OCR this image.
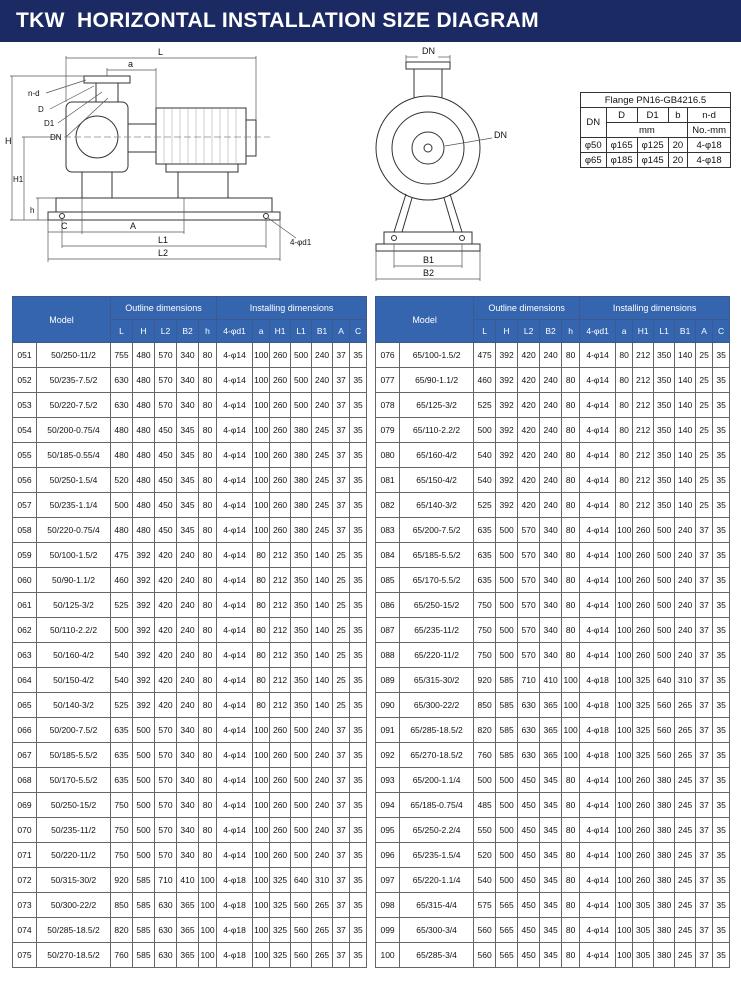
TKW  HORIZONTAL INSTALLATION SIZE DIAGRAM
L
a
n-d
D
D1
DN
H
H1
h
C	A
L1
L2
4-φd1
DN
DN
B1
B2
Flange PN16-GB4216.5				
DN	D	D1	b	n-d
	mm			No.-mm
φ50	φ165	φ125	20	4-φ18
φ65	φ185	φ145	20	4-φ18
Model		Outline dimensions					Installing dimensions						
		L	H	L2	B2	h	4-φd1	a	H1	L1	B1	A	C
051	50/250-11/2	755	480	570	340	80	4-φ14	100	260	500	240	37	35
052	50/235-7.5/2	630	480	570	340	80	4-φ14	100	260	500	240	37	35
053	50/220-7.5/2	630	480	570	340	80	4-φ14	100	260	500	240	37	35
054	50/200-0.75/4	480	480	450	345	80	4-φ14	100	260	380	245	37	35
055	50/185-0.55/4	480	480	450	345	80	4-φ14	100	260	380	245	37	35
056	50/250-1.5/4	520	480	450	345	80	4-φ14	100	260	380	245	37	35
057	50/235-1.1/4	500	480	450	345	80	4-φ14	100	260	380	245	37	35
058	50/220-0.75/4	480	480	450	345	80	4-φ14	100	260	380	245	37	35
059	50/100-1.5/2	475	392	420	240	80	4-φ14	80	212	350	140	25	35
060	50/90-1.1/2	460	392	420	240	80	4-φ14	80	212	350	140	25	35
061	50/125-3/2	525	392	420	240	80	4-φ14	80	212	350	140	25	35
062	50/110-2.2/2	500	392	420	240	80	4-φ14	80	212	350	140	25	35
063	50/160-4/2	540	392	420	240	80	4-φ14	80	212	350	140	25	35
064	50/150-4/2	540	392	420	240	80	4-φ14	80	212	350	140	25	35
065	50/140-3/2	525	392	420	240	80	4-φ14	80	212	350	140	25	35
066	50/200-7.5/2	635	500	570	340	80	4-φ14	100	260	500	240	37	35
067	50/185-5.5/2	635	500	570	340	80	4-φ14	100	260	500	240	37	35
068	50/170-5.5/2	635	500	570	340	80	4-φ14	100	260	500	240	37	35
069	50/250-15/2	750	500	570	340	80	4-φ14	100	260	500	240	37	35
070	50/235-11/2	750	500	570	340	80	4-φ14	100	260	500	240	37	35
071	50/220-11/2	750	500	570	340	80	4-φ14	100	260	500	240	37	35
072	50/315-30/2	920	585	710	410	100	4-φ18	100	325	640	310	37	35
073	50/300-22/2	850	585	630	365	100	4-φ18	100	325	560	265	37	35
074	50/285-18.5/2	820	585	630	365	100	4-φ18	100	325	560	265	37	35
075	50/270-18.5/2	760	585	630	365	100	4-φ18	100	325	560	265	37	35
Model		Outline dimensions					Installing dimensions						
		L	H	L2	B2	h	4-φd1	a	H1	L1	B1	A	C
076	65/100-1.5/2	475	392	420	240	80	4-φ14	80	212	350	140	25	35
077	65/90-1.1/2	460	392	420	240	80	4-φ14	80	212	350	140	25	35
078	65/125-3/2	525	392	420	240	80	4-φ14	80	212	350	140	25	35
079	65/110-2.2/2	500	392	420	240	80	4-φ14	80	212	350	140	25	35
080	65/160-4/2	540	392	420	240	80	4-φ14	80	212	350	140	25	35
081	65/150-4/2	540	392	420	240	80	4-φ14	80	212	350	140	25	35
082	65/140-3/2	525	392	420	240	80	4-φ14	80	212	350	140	25	35
083	65/200-7.5/2	635	500	570	340	80	4-φ14	100	260	500	240	37	35
084	65/185-5.5/2	635	500	570	340	80	4-φ14	100	260	500	240	37	35
085	65/170-5.5/2	635	500	570	340	80	4-φ14	100	260	500	240	37	35
086	65/250-15/2	750	500	570	340	80	4-φ14	100	260	500	240	37	35
087	65/235-11/2	750	500	570	340	80	4-φ14	100	260	500	240	37	35
088	65/220-11/2	750	500	570	340	80	4-φ14	100	260	500	240	37	35
089	65/315-30/2	920	585	710	410	100	4-φ18	100	325	640	310	37	35
090	65/300-22/2	850	585	630	365	100	4-φ18	100	325	560	265	37	35
091	65/285-18.5/2	820	585	630	365	100	4-φ18	100	325	560	265	37	35
092	65/270-18.5/2	760	585	630	365	100	4-φ18	100	325	560	265	37	35
093	65/200-1.1/4	500	500	450	345	80	4-φ14	100	260	380	245	37	35
094	65/185-0.75/4	485	500	450	345	80	4-φ14	100	260	380	245	37	35
095	65/250-2.2/4	550	500	450	345	80	4-φ14	100	260	380	245	37	35
096	65/235-1.5/4	520	500	450	345	80	4-φ14	100	260	380	245	37	35
097	65/220-1.1/4	540	500	450	345	80	4-φ14	100	260	380	245	37	35
098	65/315-4/4	575	565	450	345	80	4-φ14	100	305	380	245	37	35
099	65/300-3/4	560	565	450	345	80	4-φ14	100	305	380	245	37	35
100	65/285-3/4	560	565	450	345	80	4-φ14	100	305	380	245	37	35
